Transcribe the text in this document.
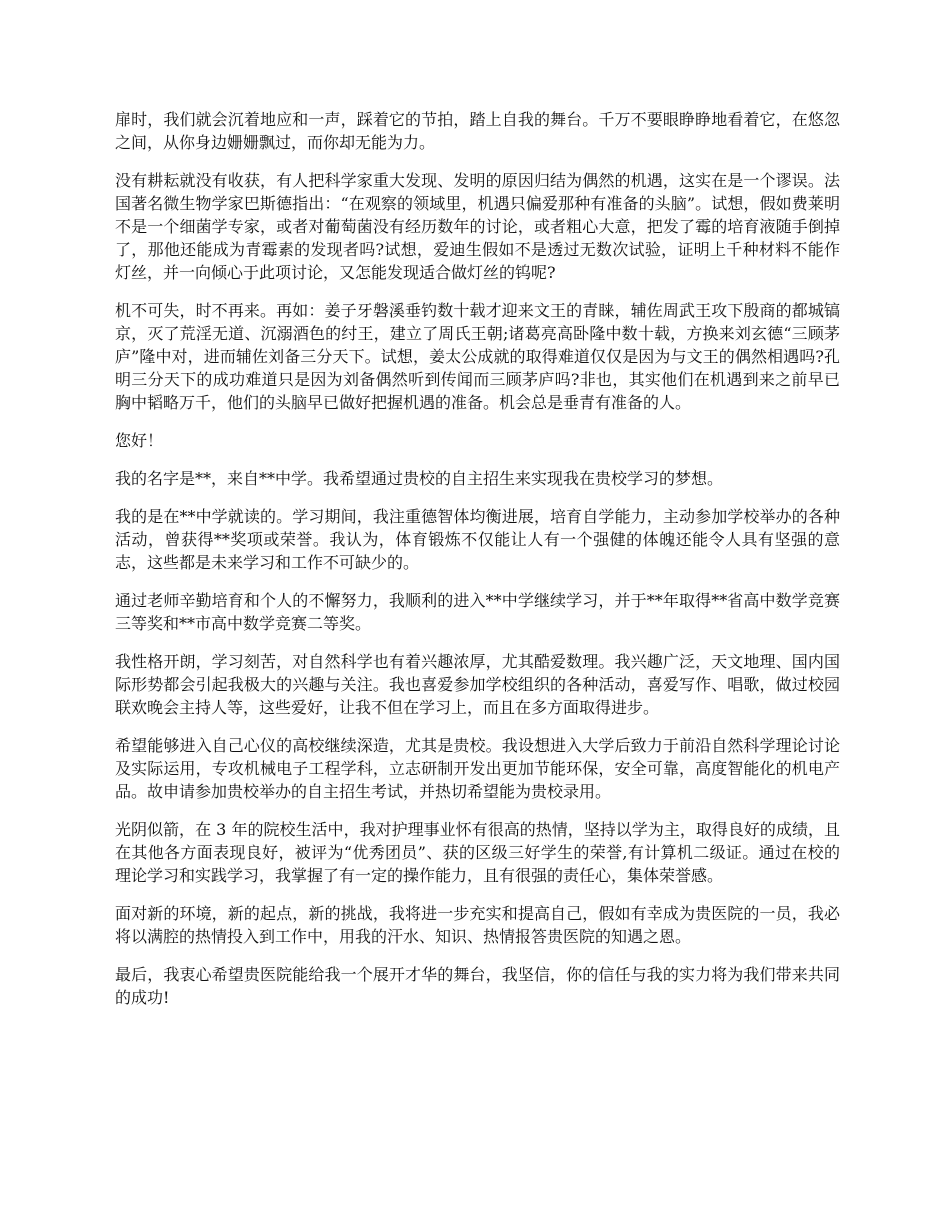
扉时，我们就会沉着地应和一声，踩着它的节拍，踏上自我的舞台。千万不要眼睁睁地看着它，在悠忽之间，从你身边姗姗飘过，而你却无能为力。

没有耕耘就没有收获，有人把科学家重大发现、发明的原因归结为偶然的机遇，这实在是一个谬误。法国著名微生物学家巴斯德指出：“在观察的领域里，机遇只偏爱那种有准备的头脑”。试想，假如费莱明不是一个细菌学专家，或者对葡萄菌没有经历数年的讨论，或者粗心大意，把发了霉的培育液随手倒掉了，那他还能成为青霉素的发现者吗?试想，爱迪生假如不是透过无数次试验，证明上千种材料不能作灯丝，并一向倾心于此项讨论，又怎能发现适合做灯丝的钨呢?

机不可失，时不再来。再如：姜子牙磐溪垂钓数十载才迎来文王的青睐，辅佐周武王攻下殷商的都城镐京，灭了荒淫无道、沉溺酒色的纣王，建立了周氏王朝;诸葛亮高卧隆中数十载，方换来刘玄德“三顾茅庐”隆中对，进而辅佐刘备三分天下。试想，姜太公成就的取得难道仅仅是因为与文王的偶然相遇吗?孔明三分天下的成功难道只是因为刘备偶然听到传闻而三顾茅庐吗?非也，其实他们在机遇到来之前早已胸中韬略万千，他们的头脑早已做好把握机遇的准备。机会总是垂青有准备的人。

您好！

我的名字是**，来自**中学。我希望通过贵校的自主招生来实现我在贵校学习的梦想。

我的是在**中学就读的。学习期间，我注重德智体均衡进展，培育自学能力，主动参加学校举办的各种活动，曾获得**奖项或荣誉。我认为，体育锻炼不仅能让人有一个强健的体魄还能令人具有坚强的意志，这些都是未来学习和工作不可缺少的。

通过老师辛勤培育和个人的不懈努力，我顺利的进入**中学继续学习，并于**年取得**省高中数学竞赛三等奖和**市高中数学竞赛二等奖。

我性格开朗，学习刻苦，对自然科学也有着兴趣浓厚，尤其酷爱数理。我兴趣广泛，天文地理、国内国际形势都会引起我极大的兴趣与关注。我也喜爱参加学校组织的各种活动，喜爱写作、唱歌，做过校园联欢晚会主持人等，这些爱好，让我不但在学习上，而且在多方面取得进步。

希望能够进入自己心仪的高校继续深造，尤其是贵校。我设想进入大学后致力于前沿自然科学理论讨论及实际运用，专攻机械电子工程学科，立志研制开发出更加节能环保，安全可靠，高度智能化的机电产品。故申请参加贵校举办的自主招生考试，并热切希望能为贵校录用。

光阴似箭，在 3 年的院校生活中，我对护理事业怀有很高的热情，坚持以学为主，取得良好的成绩，且在其他各方面表现良好，被评为“优秀团员”、获的区级三好学生的荣誉,有计算机二级证。通过在校的理论学习和实践学习，我掌握了有一定的操作能力，且有很强的责任心，集体荣誉感。

面对新的环境，新的起点，新的挑战，我将进一步充实和提高自己，假如有幸成为贵医院的一员，我必将以满腔的热情投入到工作中，用我的汗水、知识、热情报答贵医院的知遇之恩。

最后，我衷心希望贵医院能给我一个展开才华的舞台，我坚信，你的信任与我的实力将为我们带来共同的成功!
